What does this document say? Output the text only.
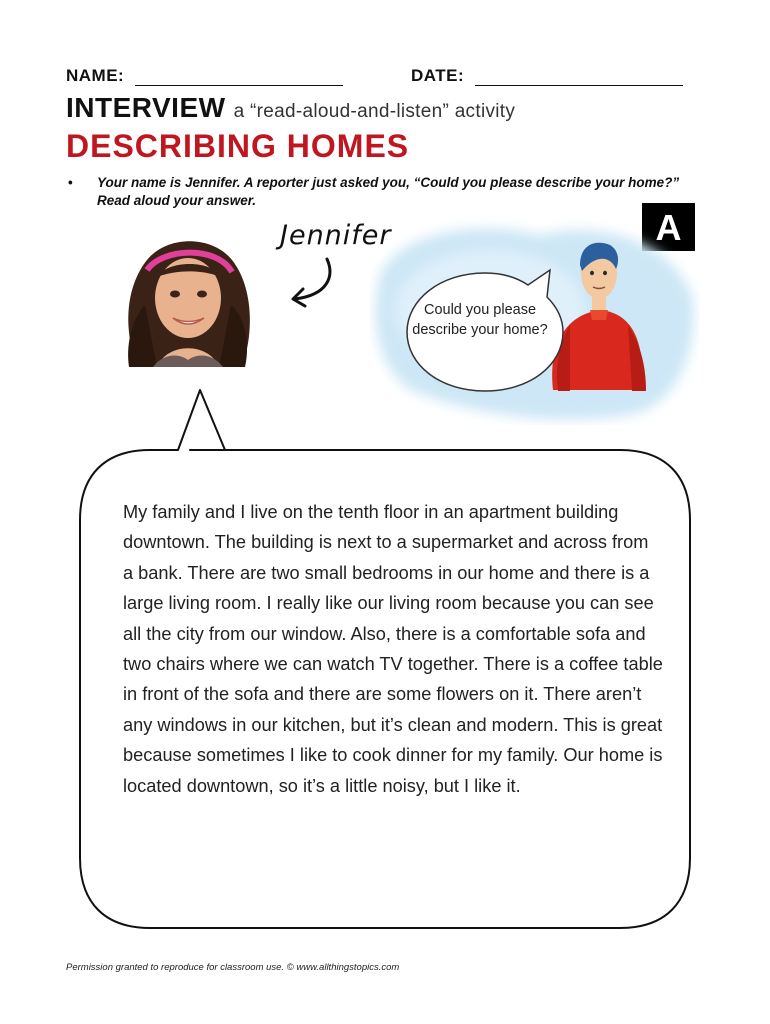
NAME:	DATE:
INTERVIEW a “read-aloud-and-listen” activity
DESCRIBING HOMES
• Your name is Jennifer. A reporter just asked you, “Could you please describe your home?” Read aloud your answer.
A
Jennifer
Could you please describe your home?
My family and I live on the tenth floor in an apartment building downtown. The building is next to a supermarket and across from a bank. There are two small bedrooms in our home and there is a large living room. I really like our living room because you can see all the city from our window. Also, there is a comfortable sofa and two chairs where we can watch TV together. There is a coffee table in front of the sofa and there are some flowers on it. There aren’t any windows in our kitchen, but it’s clean and modern. This is great because sometimes I like to cook dinner for my family. Our home is located downtown, so it’s a little noisy, but I like it.
Permission granted to reproduce for classroom use. © www.allthingstopics.com
